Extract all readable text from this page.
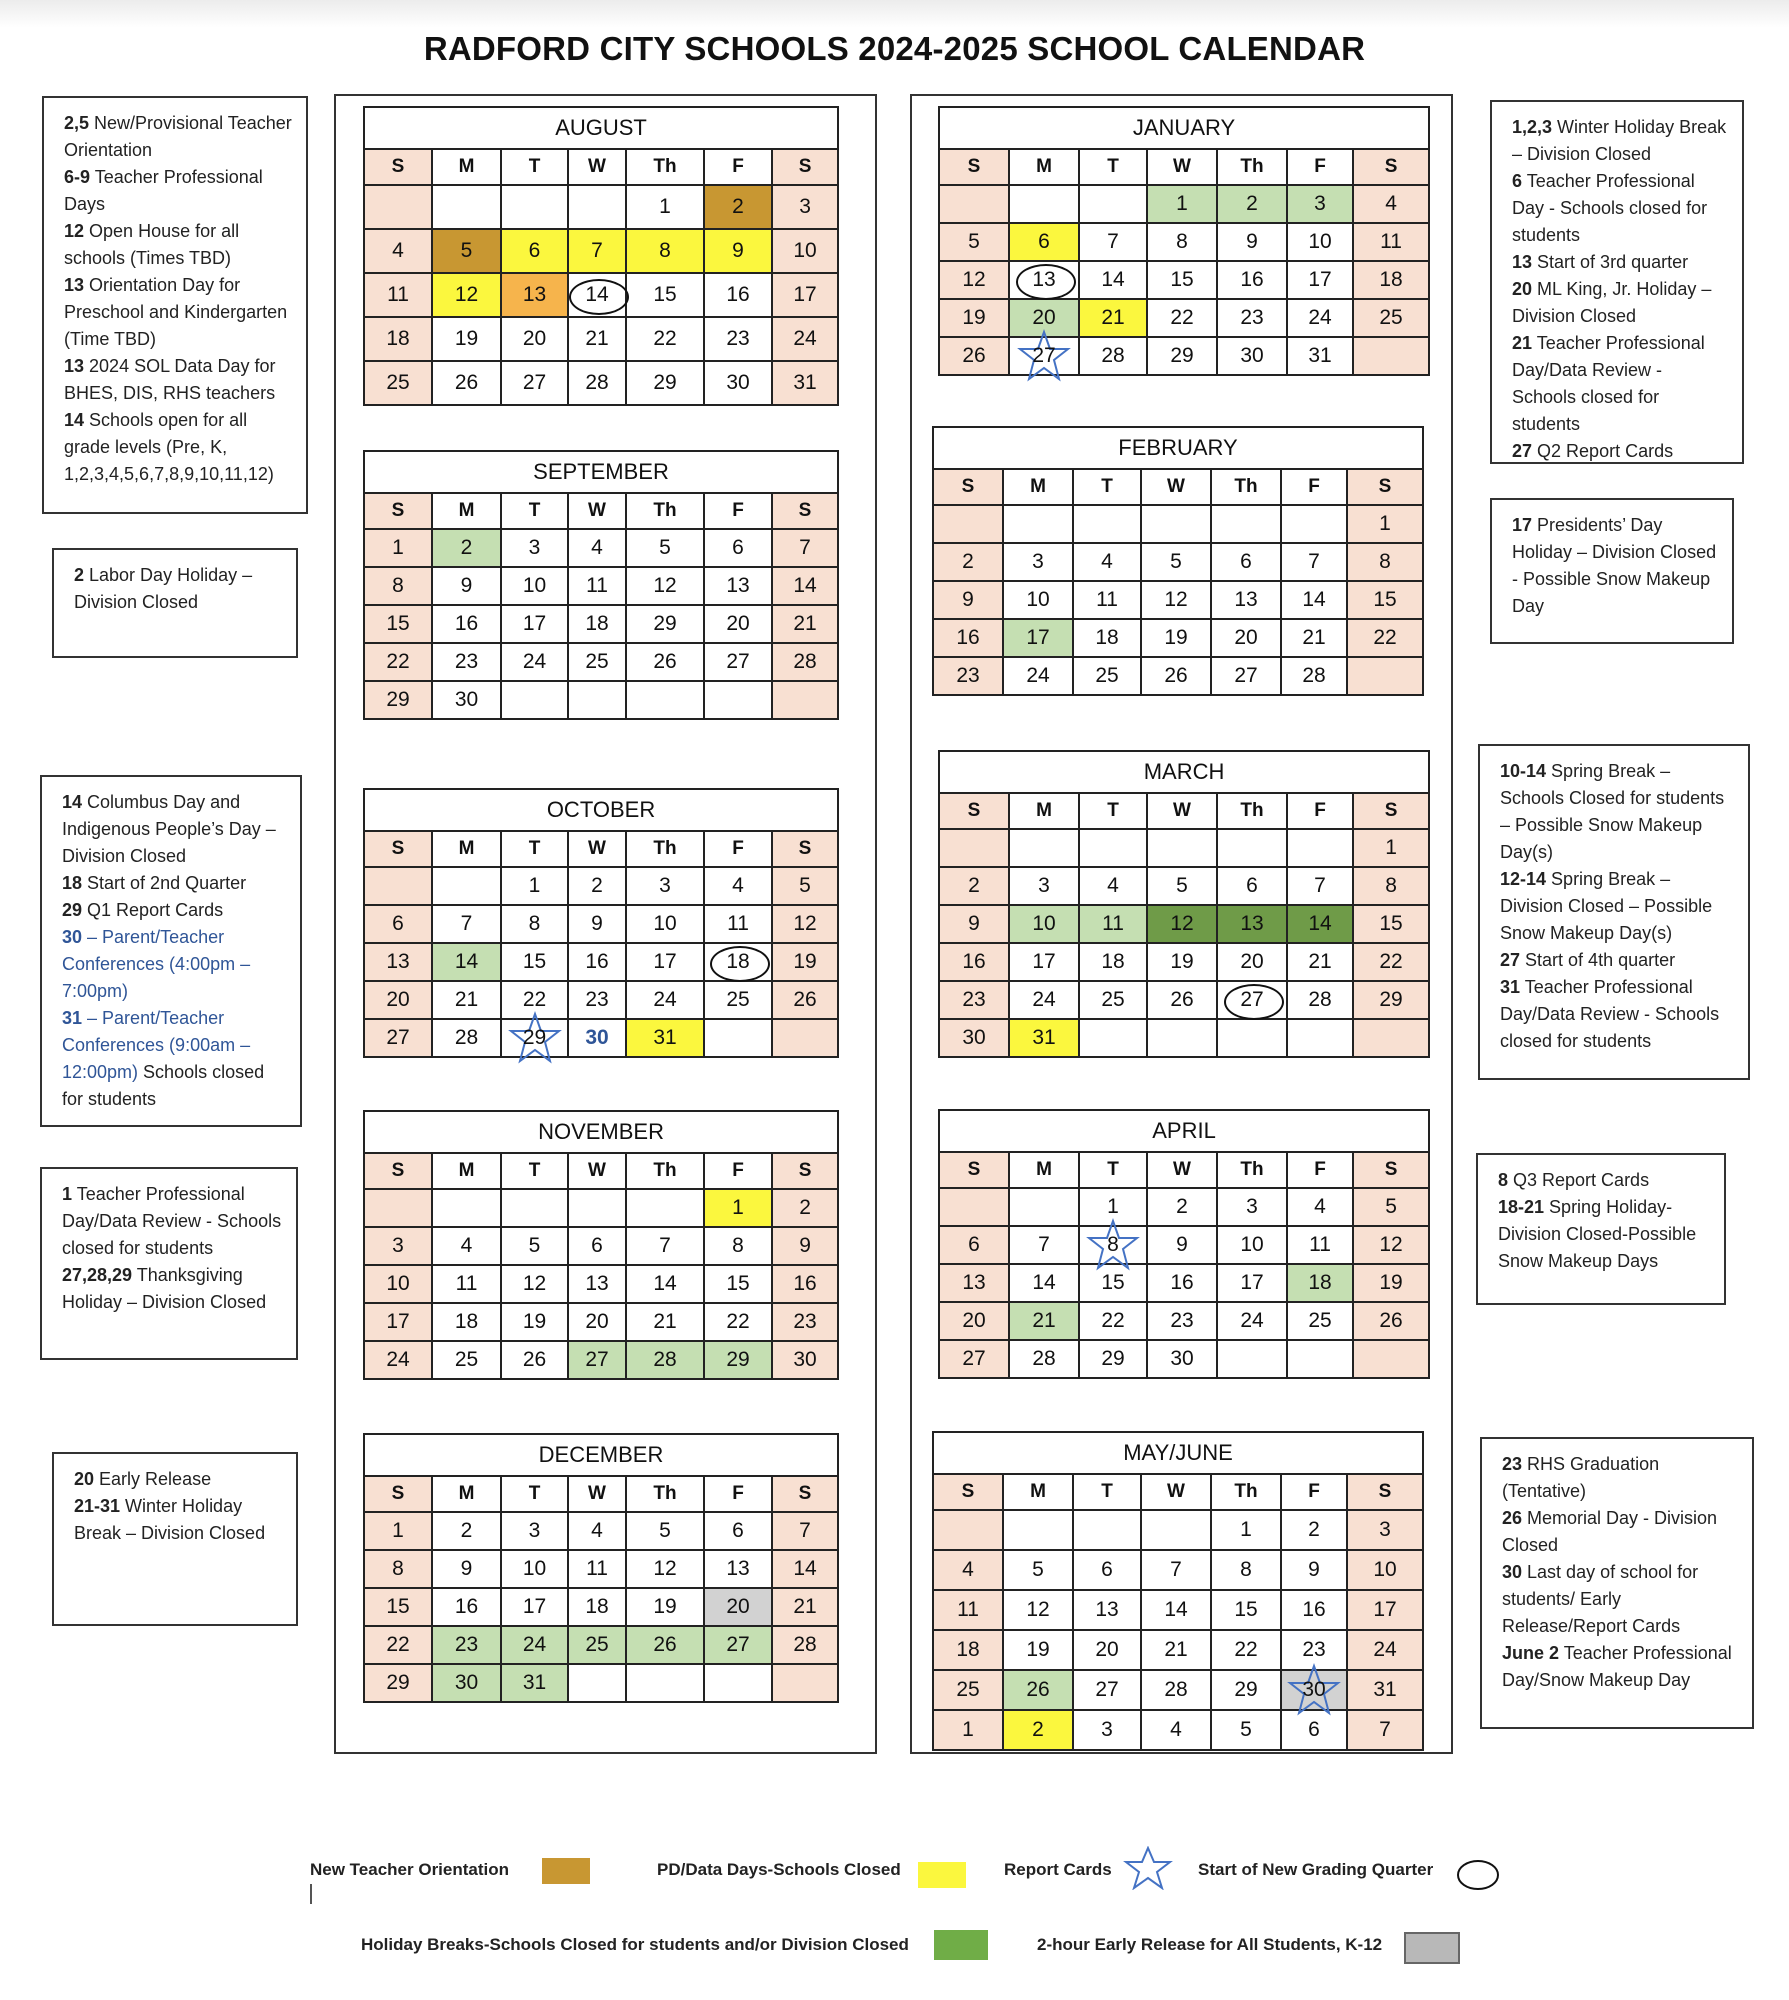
RADFORD CITY SCHOOLS 2024-2025 SCHOOL CALENDAR
AUGUST						
S	M	T	W	Th	F	S
				1	2	3
4	5	6	7	8	9	10
11	12	13	14	15	16	17
18	19	20	21	22	23	24
25	26	27	28	29	30	31
SEPTEMBER						
S	M	T	W	Th	F	S
1	2	3	4	5	6	7
8	9	10	11	12	13	14
15	16	17	18	29	20	21
22	23	24	25	26	27	28
29	30					
OCTOBER						
S	M	T	W	Th	F	S
		1	2	3	4	5
6	7	8	9	10	11	12
13	14	15	16	17	18	19
20	21	22	23	24	25	26
27	28	29	30	31		
NOVEMBER						
S	M	T	W	Th	F	S
					1	2
3	4	5	6	7	8	9
10	11	12	13	14	15	16
17	18	19	20	21	22	23
24	25	26	27	28	29	30
DECEMBER						
S	M	T	W	Th	F	S
1	2	3	4	5	6	7
8	9	10	11	12	13	14
15	16	17	18	19	20	21
22	23	24	25	26	27	28
29	30	31				
JANUARY						
S	M	T	W	Th	F	S
			1	2	3	4
5	6	7	8	9	10	11
12	13	14	15	16	17	18
19	20	21	22	23	24	25
26	27	28	29	30	31	
FEBRUARY						
S	M	T	W	Th	F	S
						1
2	3	4	5	6	7	8
9	10	11	12	13	14	15
16	17	18	19	20	21	22
23	24	25	26	27	28	
MARCH						
S	M	T	W	Th	F	S
						1
2	3	4	5	6	7	8
9	10	11	12	13	14	15
16	17	18	19	20	21	22
23	24	25	26	27	28	29
30	31					
APRIL						
S	M	T	W	Th	F	S
		1	2	3	4	5
6	7	8	9	10	11	12
13	14	15	16	17	18	19
20	21	22	23	24	25	26
27	28	29	30			
MAY/JUNE						
S	M	T	W	Th	F	S
				1	2	3
4	5	6	7	8	9	10
11	12	13	14	15	16	17
18	19	20	21	22	23	24
25	26	27	28	29	30	31
1	2	3	4	5	6	7
2,5 New/Provisional Teacher Orientation
6-9 Teacher Professional Days
12 Open House for all schools (Times TBD)
13 Orientation Day for Preschool and Kindergarten (Time TBD)
13 2024 SOL Data Day for BHES, DIS, RHS teachers
14 Schools open for all grade levels (Pre, K, 1,2,3,4,5,6,7,8,9,10,11,12)
2 Labor Day Holiday – Division Closed
14 Columbus Day and Indigenous People’s Day – Division Closed
18 Start of 2nd Quarter
29 Q1 Report Cards
30 – Parent/Teacher Conferences (4:00pm – 7:00pm)
31 – Parent/Teacher Conferences (9:00am – 12:00pm) Schools closed for students
1 Teacher Professional Day/Data Review - Schools closed for students
27,28,29 Thanksgiving Holiday – Division Closed
20 Early Release
21-31 Winter Holiday Break – Division Closed
1,2,3 Winter Holiday Break – Division Closed
6 Teacher Professional Day - Schools closed for students
13 Start of 3rd quarter
20 ML King, Jr. Holiday – Division Closed
21 Teacher Professional Day/Data Review - Schools closed for students
27 Q2 Report Cards
17 Presidents’ Day Holiday – Division Closed - Possible Snow Makeup Day
10-14 Spring Break – Schools Closed for students – Possible Snow Makeup Day(s)
12-14 Spring Break – Division Closed – Possible Snow Makeup Day(s)
27 Start of 4th quarter
31 Teacher Professional Day/Data Review - Schools closed for students
8 Q3 Report Cards
18-21 Spring Holiday-Division Closed-Possible Snow Makeup Days
23 RHS Graduation (Tentative)
26 Memorial Day - Division Closed
30 Last day of school for students/ Early Release/Report Cards
June 2 Teacher Professional Day/Snow Makeup Day
New Teacher Orientation	PD/Data Days-Schools Closed	Report Cards	Start of New Grading Quarter
Holiday Breaks-Schools Closed for students and/or Division Closed	2-hour Early Release for All Students, K-12
